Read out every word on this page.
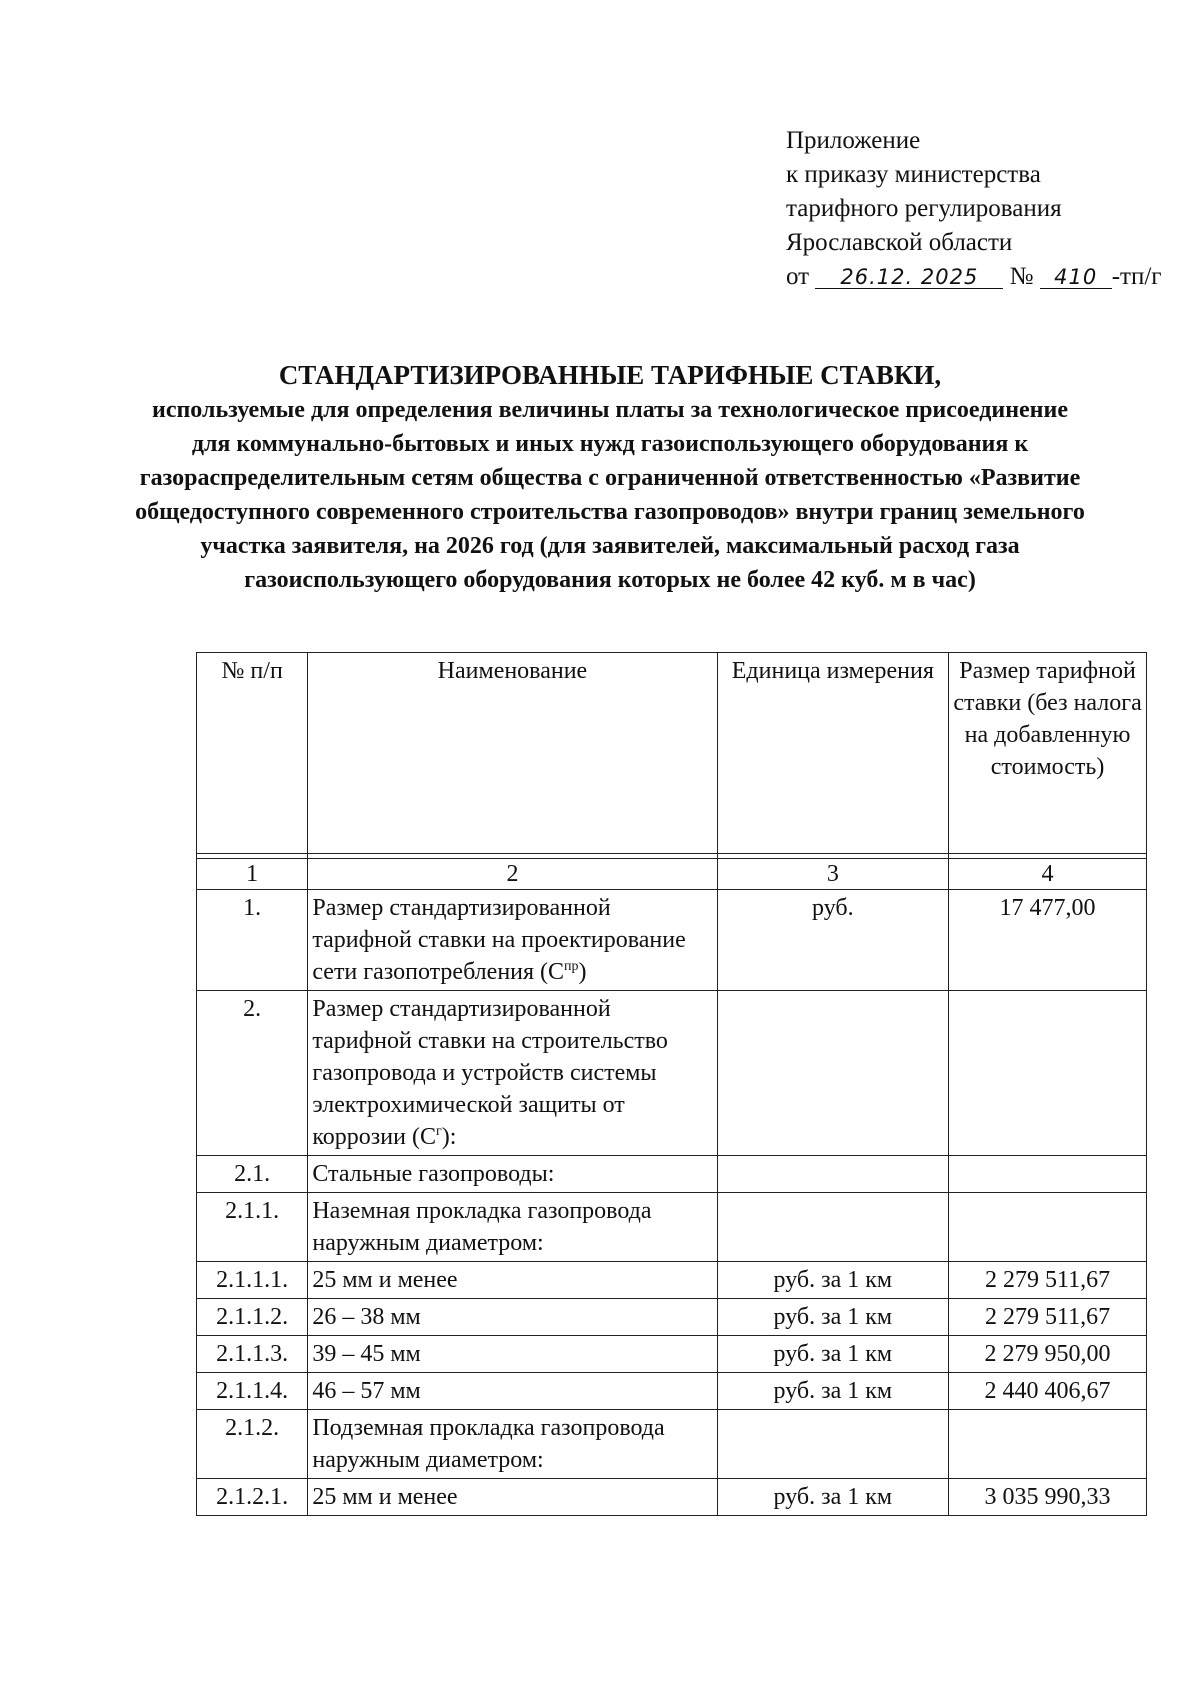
Приложение
к приказу министерства
тарифного регулирования
Ярославской области
от 26.12. 2025 № 410 -тп/г
СТАНДАРТИЗИРОВАННЫЕ ТАРИФНЫЕ СТАВКИ,
используемые для определения величины платы за технологическое присоединение для коммунально-бытовых и иных нужд газоиспользующего оборудования к газораспределительным сетям общества с ограниченной ответственностью «Развитие общедоступного современного строительства газопроводов» внутри границ земельного участка заявителя, на 2026 год (для заявителей, максимальный расход газа газоиспользующего оборудования которых не более 42 куб. м в час)
№ п/п	Наименование	Единица измерения	Размер тарифной ставки (без налога на добавленную стоимость)

1	2	3	4
1.	Размер стандартизированной тарифной ставки на проектирование сети газопотребления $(C^{пр})$	руб.	17 477,00
2.	Размер стандартизированной тарифной ставки на строительство газопровода и устройств системы электрохимической защиты от коррозии $(C^г)$:		
2.1.	Стальные газопроводы:		
2.1.1.	Наземная прокладка газопровода наружным диаметром:		
2.1.1.1.	25 мм и менее	руб. за 1 км	2 279 511,67
2.1.1.2.	26 – 38 мм	руб. за 1 км	2 279 511,67
2.1.1.3.	39 – 45 мм	руб. за 1 км	2 279 950,00
2.1.1.4.	46 – 57 мм	руб. за 1 км	2 440 406,67
2.1.2.	Подземная прокладка газопровода наружным диаметром:		
2.1.2.1.	25 мм и менее	руб. за 1 км	3 035 990,33
